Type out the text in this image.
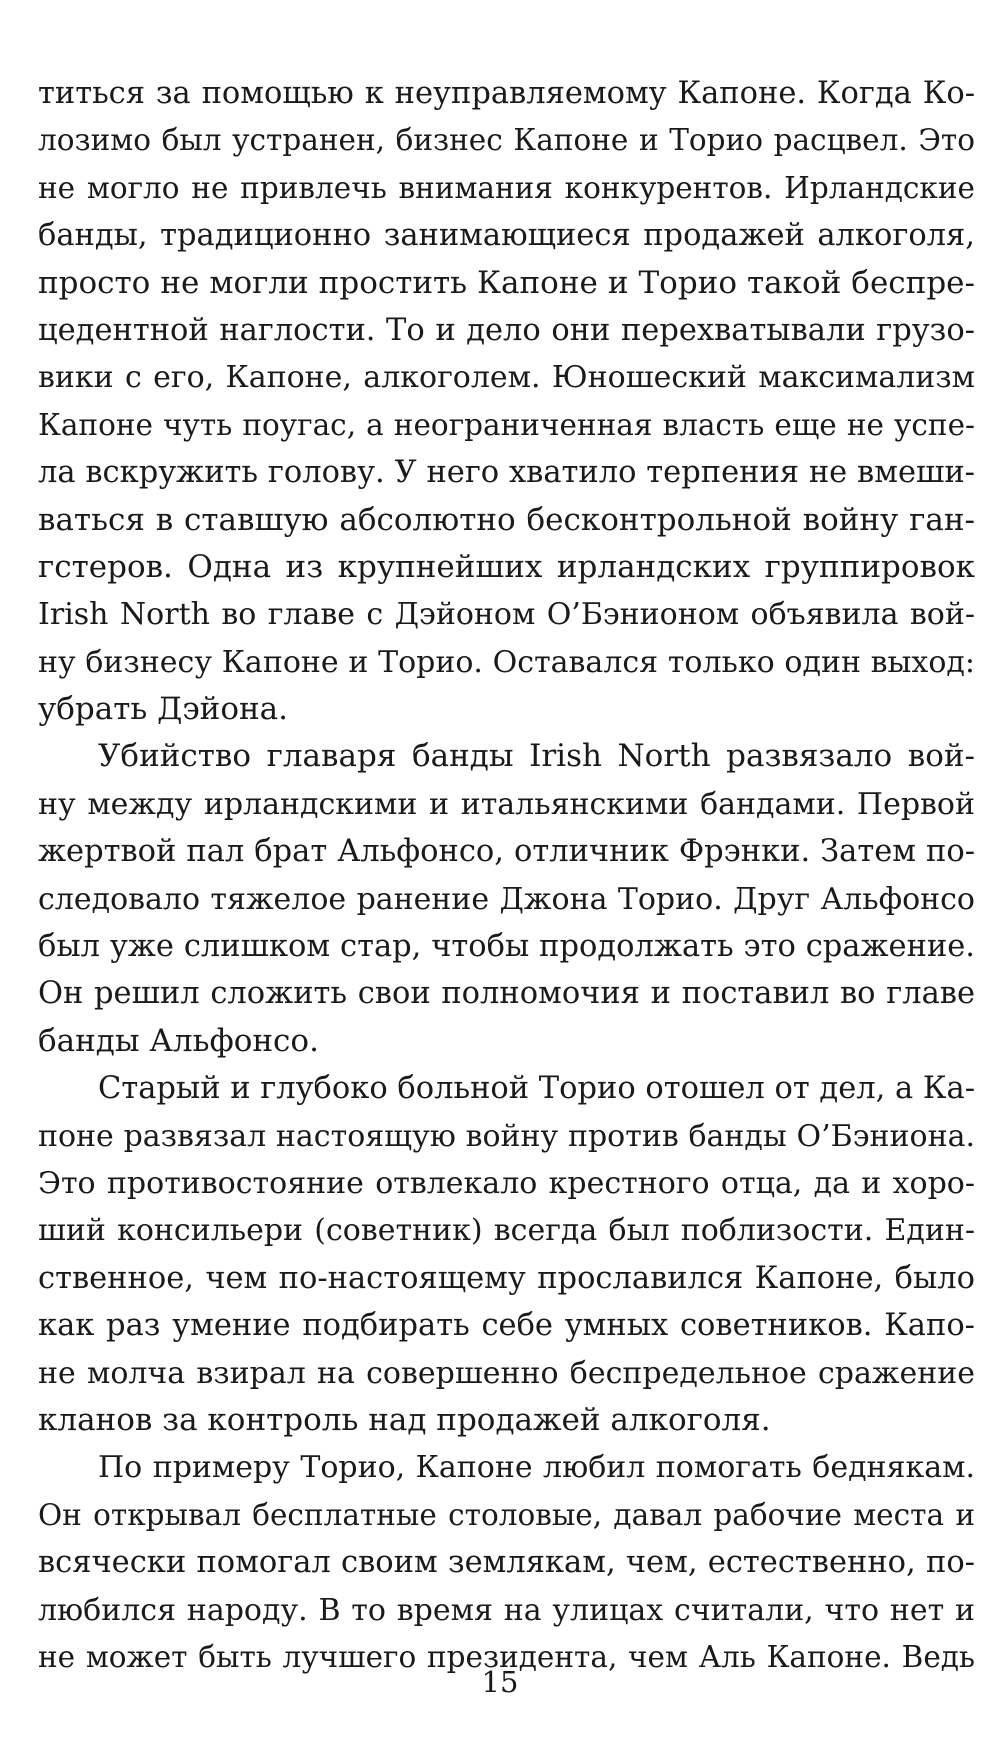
титься за помощью к неуправляемому Капоне. Когда Ко-
лозимо был устранен, бизнес Капоне и Торио расцвел. Это
не могло не привлечь внимания конкурентов. Ирландские
банды, традиционно занимающиеся продажей алкоголя,
просто не могли простить Капоне и Торио такой беспре-
цедентной наглости. То и дело они перехватывали грузо-
вики с его, Капоне, алкоголем. Юношеский максимализм
Капоне чуть поугас, а неограниченная власть еще не успе-
ла вскружить голову. У него хватило терпения не вмеши-
ваться в ставшую абсолютно бесконтрольной войну ган-
гстеров. Одна из крупнейших ирландских группировок
Irish North во главе с Дэйоном О’Бэнионом объявила вой-
ну бизнесу Капоне и Торио. Оставался только один выход:
убрать Дэйона.
Убийство главаря банды Irish North развязало вой-
ну между ирландскими и итальянскими бандами. Первой
жертвой пал брат Альфонсо, отличник Фрэнки. Затем по-
следовало тяжелое ранение Джона Торио. Друг Альфонсо
был уже слишком стар, чтобы продолжать это сражение.
Он решил сложить свои полномочия и поставил во главе
банды Альфонсо.
Старый и глубоко больной Торио отошел от дел, а Ка-
поне развязал настоящую войну против банды О’Бэниона.
Это противостояние отвлекало крестного отца, да и хоро-
ший консильери (советник) всегда был поблизости. Един-
ственное, чем по-настоящему прославился Капоне, было
как раз умение подбирать себе умных советников. Капо-
не молча взирал на совершенно беспредельное сражение
кланов за контроль над продажей алкоголя.
По примеру Торио, Капоне любил помогать беднякам.
Он открывал бесплатные столовые, давал рабочие места и
всячески помогал своим землякам, чем, естественно, по-
любился народу. В то время на улицах считали, что нет и
не может быть лучшего президента, чем Аль Капоне. Ведь
15
